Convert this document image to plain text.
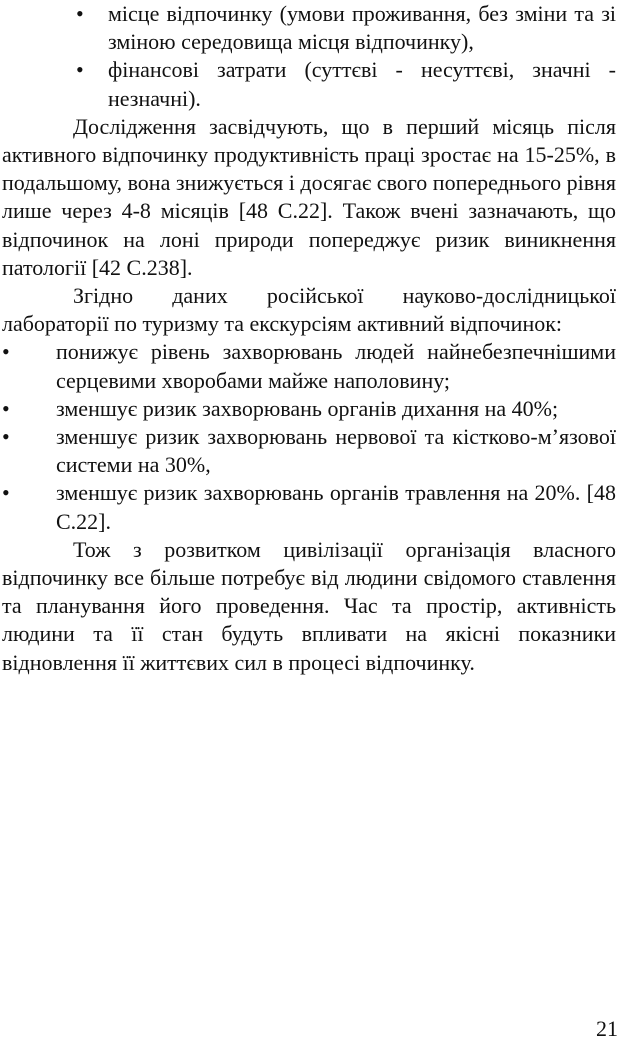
• місце відпочинку (умови проживання, без зміни та зі зміною середовища місця відпочинку),
• фінансові затрати (суттєві - несуттєві, значні - незначні).

Дослідження засвідчують, що в перший місяць після активного відпочинку продуктивність праці зростає на 15-25%, в подальшому, вона знижується і досягає свого попереднього рівня лише через 4-8 місяців [48 С.22]. Також вчені зазначають, що відпочинок на лоні природи попереджує ризик виникнення патології [42 С.238].

Згідно даних російської науково-дослідницької лабораторії по туризму та екскурсіям активний відпочинок:

• понижує рівень захворювань людей найнебезпечнішими серцевими хворобами майже наполовину;
• зменшує ризик захворювань органів дихання на 40%;
• зменшує ризик захворювань нервової та кістково-м’язової системи на 30%,
• зменшує ризик захворювань органів травлення на 20%. [48 С.22].

Тож з розвитком цивілізації організація власного відпочинку все більше потребує від людини свідомого ставлення та планування його проведення. Час та простір, активність людини та її стан будуть впливати на якісні показники відновлення її життєвих сил в процесі відпочинку.

21
